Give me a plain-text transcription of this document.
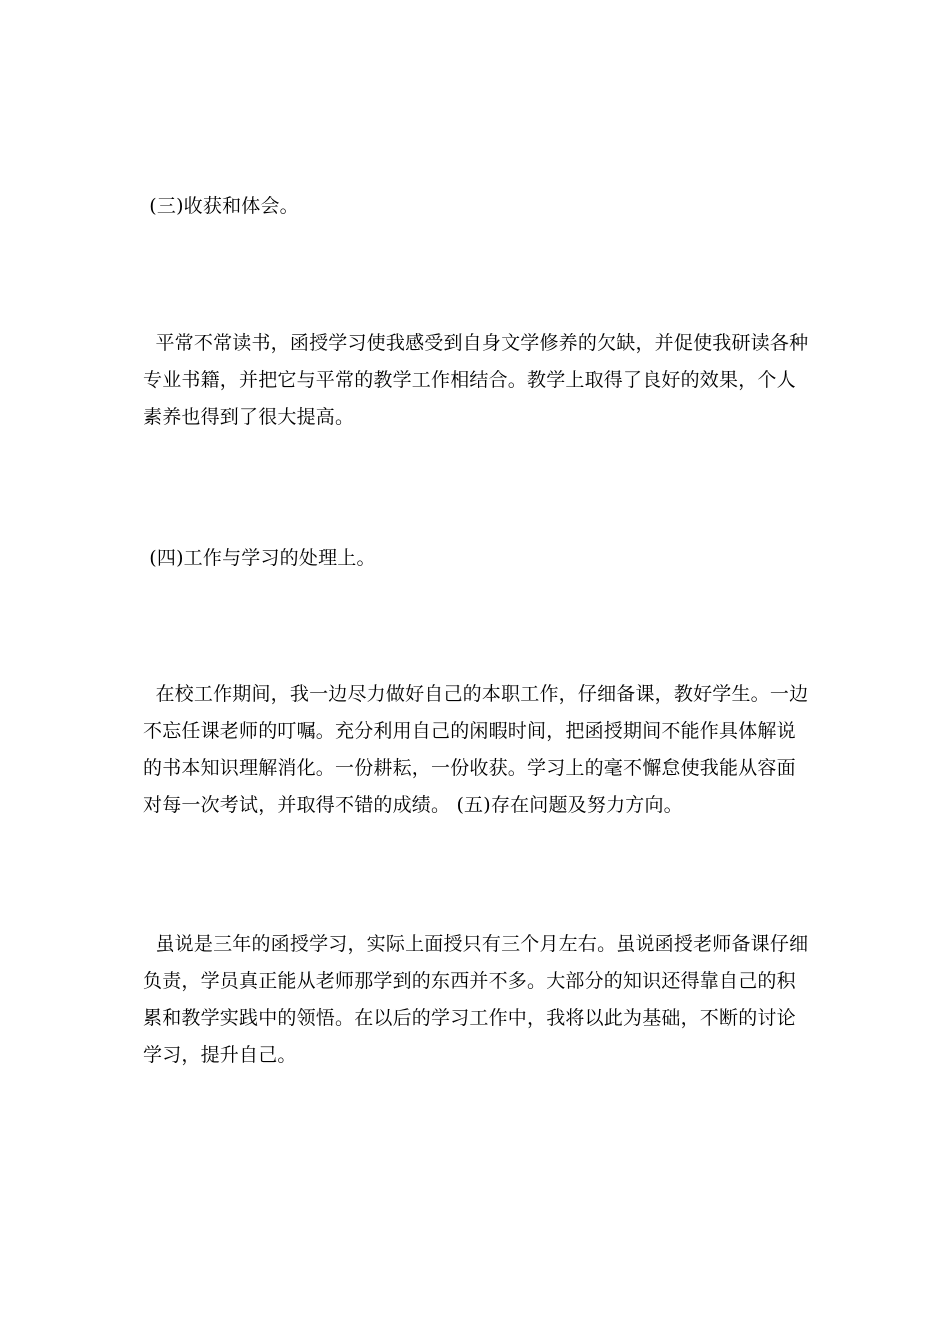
(三)收获和体会。
平常不常读书，函授学习使我感受到自身文学修养的欠缺，并促使我研读各种专业书籍，并把它与平常的教学工作相结合。教学上取得了良好的效果，个人素养也得到了很大提高。
(四)工作与学习的处理上。
在校工作期间，我一边尽力做好自己的本职工作，仔细备课，教好学生。一边不忘任课老师的叮嘱。充分利用自己的闲暇时间，把函授期间不能作具体解说的书本知识理解消化。一份耕耘，一份收获。学习上的毫不懈怠使我能从容面对每一次考试，并取得不错的成绩。 (五)存在问题及努力方向。
虽说是三年的函授学习，实际上面授只有三个月左右。虽说函授老师备课仔细负责，学员真正能从老师那学到的东西并不多。大部分的知识还得靠自己的积累和教学实践中的领悟。在以后的学习工作中，我将以此为基础，不断的讨论学习，提升自己。
